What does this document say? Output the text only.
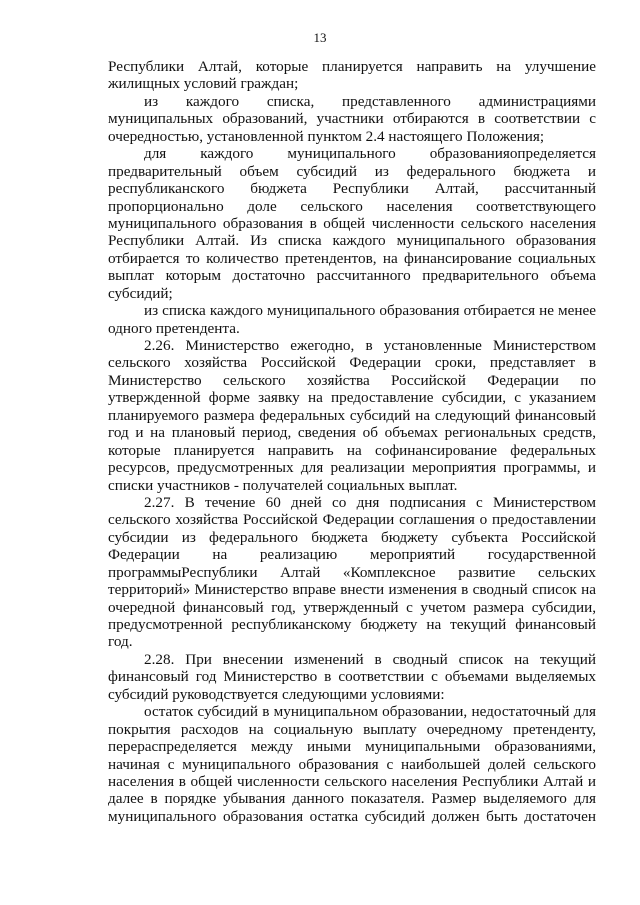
13
Республики Алтай, которые планируется направить на улучшение
жилищных условий граждан;
из каждого списка, представленного администрациями
муниципальных образований, участники отбираются в соответствии с
очередностью, установленной пунктом 2.4 настоящего Положения;
для каждого муниципального образованияопределяется
предварительный объем субсидий из федерального бюджета и
республиканского бюджета Республики Алтай, рассчитанный
пропорционально доле сельского населения соответствующего
муниципального образования в общей численности сельского населения
Республики Алтай. Из списка каждого муниципального образования
отбирается то количество претендентов, на финансирование социальных
выплат которым достаточно рассчитанного предварительного объема
субсидий;
из списка каждого муниципального образования отбирается не менее
одного претендента.
2.26. Министерство ежегодно, в установленные Министерством
сельского хозяйства Российской Федерации сроки, представляет в
Министерство сельского хозяйства Российской Федерации по
утвержденной форме заявку на предоставление субсидии, с указанием
планируемого размера федеральных субсидий на следующий финансовый
год и на плановый период, сведения об объемах региональных средств,
которые планируется направить на софинансирование федеральных
ресурсов, предусмотренных для реализации мероприятия программы, и
списки участников - получателей социальных выплат.
2.27. В течение 60 дней со дня подписания с Министерством
сельского хозяйства Российской Федерации соглашения о предоставлении
субсидии из федерального бюджета бюджету субъекта Российской
Федерации на реализацию мероприятий государственной
программыРеспублики Алтай «Комплексное развитие сельских
территорий» Министерство вправе внести изменения в сводный список на
очередной финансовый год, утвержденный с учетом размера субсидии,
предусмотренной республиканскому бюджету на текущий финансовый
год.
2.28. При внесении изменений в сводный список на текущий
финансовый год Министерство в соответствии с объемами выделяемых
субсидий руководствуется следующими условиями:
остаток субсидий в муниципальном образовании, недостаточный для
покрытия расходов на социальную выплату очередному претенденту,
перераспределяется между иными муниципальными образованиями,
начиная с муниципального образования с наибольшей долей сельского
населения в общей численности сельского населения Республики Алтай и
далее в порядке убывания данного показателя. Размер выделяемого для
муниципального образования остатка субсидий должен быть достаточен
